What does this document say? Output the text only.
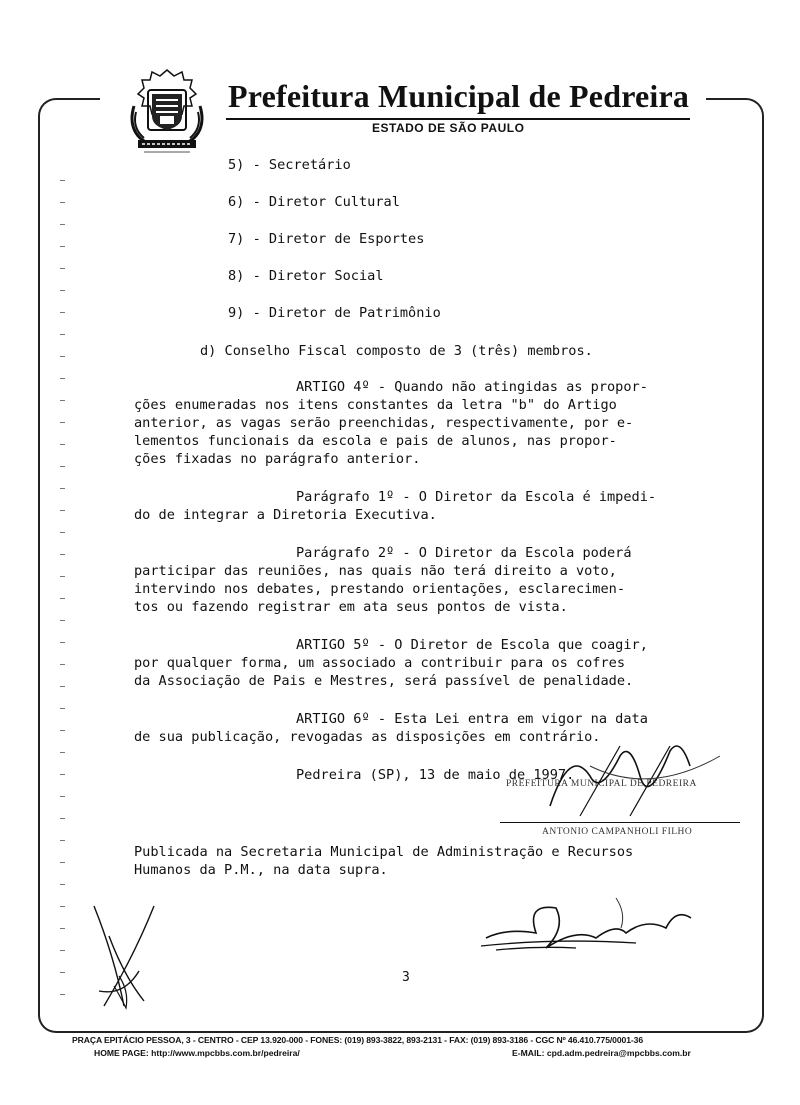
Prefeitura Municipal de Pedreira
ESTADO DE SÃO PAULO
5) - Secretário
6) - Diretor Cultural
7) - Diretor de Esportes
8) - Diretor Social
9) - Diretor de Patrimônio
d) Conselho Fiscal composto de 3 (três) membros.
ARTIGO 4º - Quando não atingidas as propor-
ções enumeradas nos itens constantes da letra "b" do Artigo
anterior, as vagas serão preenchidas, respectivamente, por e-
lementos funcionais da escola e pais de alunos, nas propor-
ções fixadas no parágrafo anterior.
Parágrafo 1º - O Diretor da Escola é impedi-
do de integrar a Diretoria Executiva.
Parágrafo 2º - O Diretor da Escola poderá
participar das reuniões, nas quais não terá direito a voto,
intervindo nos debates, prestando orientações, esclarecimen-
tos ou fazendo registrar em ata seus pontos de vista.
ARTIGO 5º - O Diretor de Escola que coagir,
por qualquer forma, um associado a contribuir para os cofres
da Associação de Pais e Mestres, será passível de penalidade.
ARTIGO 6º - Esta Lei entra em vigor na data
de sua publicação, revogadas as disposições em contrário.
Pedreira (SP), 13 de maio de 1997.
PREFEITURA MUNICIPAL DE PEDREIRA
ANTONIO CAMPANHOLI FILHO
Publicada na Secretaria Municipal de Administração e Recursos
Humanos da P.M., na data supra.
3
PRAÇA EPITÁCIO PESSOA, 3 - CENTRO - CEP 13.920-000 - FONES: (019) 893-3822, 893-2131 - FAX: (019) 893-3186 - CGC Nº 46.410.775/0001-36
HOME PAGE: http://www.mpcbbs.com.br/pedreira/	E-MAIL: cpd.adm.pedreira@mpcbbs.com.br
